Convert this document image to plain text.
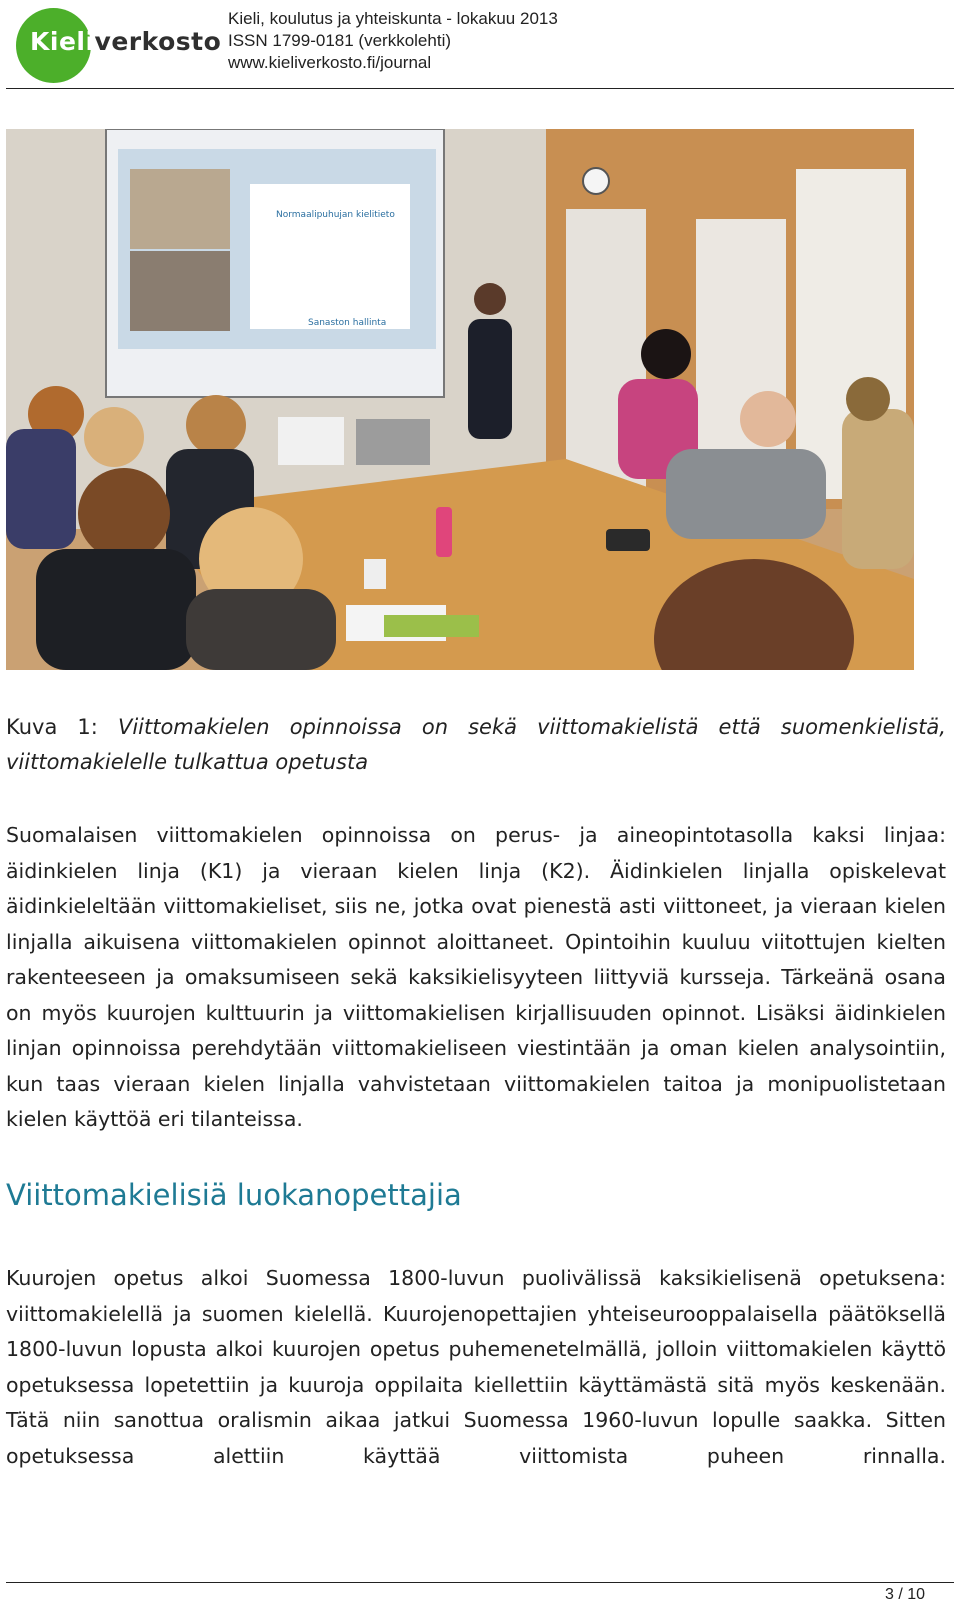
Kieliverkosto
Kieli, koulutus ja yhteiskunta - lokakuu 2013
ISSN 1799-0181 (verkkolehti)
www.kieliverkosto.fi/journal
Normaalipuhujan kielitieto
Sanaston hallinta
Kuva 1: Viittomakielen opinnoissa on sekä viittomakielistä että suomenkielistä, viittomakielelle tulkattua opetusta

Suomalaisen viittomakielen opinnoissa on perus- ja aineopintotasolla kaksi linjaa: äidinkielen linja (K1) ja vieraan kielen linja (K2). Äidinkielen linjalla opiskelevat äidinkieleltään viittomakieliset, siis ne, jotka ovat pienestä asti viittoneet, ja vieraan kielen linjalla aikuisena viittomakielen opinnot aloittaneet. Opintoihin kuuluu viitottujen kielten rakenteeseen ja omaksumiseen sekä kaksikielisyyteen liittyviä kursseja. Tärkeänä osana on myös kuurojen kulttuurin ja viittomakielisen kirjallisuuden opinnot. Lisäksi äidinkielen linjan opinnoissa perehdytään viittomakieliseen viestintään ja oman kielen analysointiin, kun taas vieraan kielen linjalla vahvistetaan viittomakielen taitoa ja monipuolistetaan kielen käyttöä eri tilanteissa.

Viittomakielisiä luokanopettajia

Kuurojen opetus alkoi Suomessa 1800-luvun puolivälissä kaksikielisenä opetuksena: viittomakielellä ja suomen kielellä. Kuurojenopettajien yhteiseurooppalaisella päätöksellä 1800-luvun lopusta alkoi kuurojen opetus puhemenetelmällä, jolloin viittomakielen käyttö opetuksessa lopetettiin ja kuuroja oppilaita kiellettiin käyttämästä sitä myös keskenään. Tätä niin sanottua oralismin aikaa jatkui Suomessa 1960-luvun lopulle saakka. Sitten opetuksessa alettiin käyttää viittomista puheen rinnalla.

3 / 10
